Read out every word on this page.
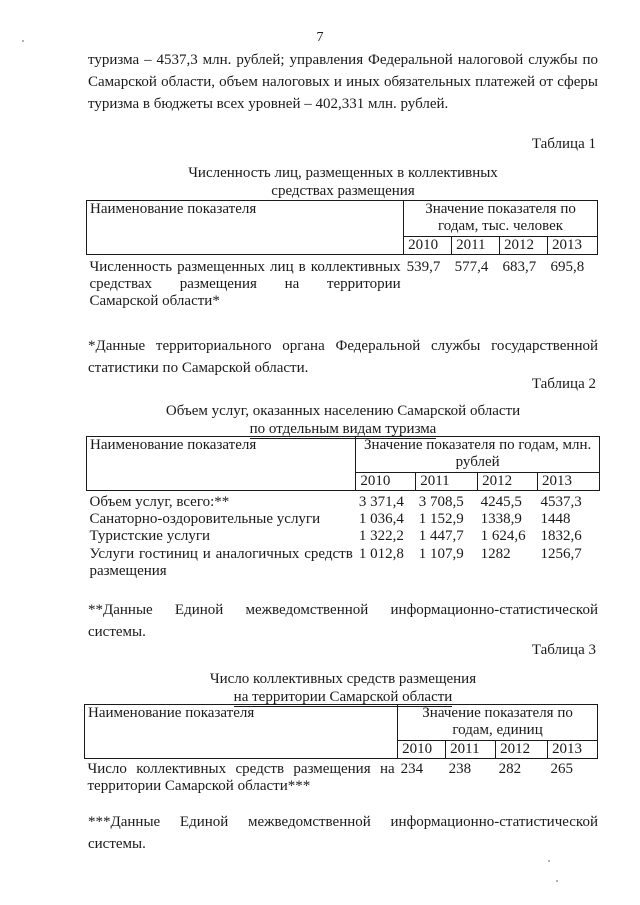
7
туризма – 4537,3 млн. рублей; управления Федеральной налоговой службы по Самарской области, объем налоговых и иных обязательных платежей от сферы туризма в бюджеты всех уровней – 402,331 млн. рублей.
Таблица 1
Численность лиц, размещенных в коллективных
средствах размещения
Наименование показателя	Значение показателя по годам, тыс. человек			
	2010	2011	2012	2013
Численность размещенных лиц в коллективных средствах размещения на территории Самарской области*	539,7	577,4	683,7	695,8
*Данные территориального органа Федеральной службы государственной статистики по Самарской области.
Таблица 2
Объем услуг, оказанных населению Самарской области
по отдельным видам туризма
Наименование показателя	Значение показателя по годам, млн. рублей			
	2010	2011	2012	2013
Объем услуг, всего:**	3 371,4	3 708,5	4245,5	4537,3
Санаторно-оздоровительные услуги	1 036,4	1 152,9	1338,9	1448
Туристские услуги	1 322,2	1 447,7	1 624,6	1832,6
Услуги гостиниц и аналогичных средств размещения	1 012,8	1 107,9	1282	1256,7
**Данные Единой межведомственной информационно-статистической системы.
Таблица 3
Число коллективных средств размещения
на территории Самарской области
Наименование показателя	Значение показателя по годам, единиц			
	2010	2011	2012	2013
Число коллективных средств размещения на территории Самарской области***	234	238	282	265
***Данные Единой межведомственной информационно-статистической системы.
